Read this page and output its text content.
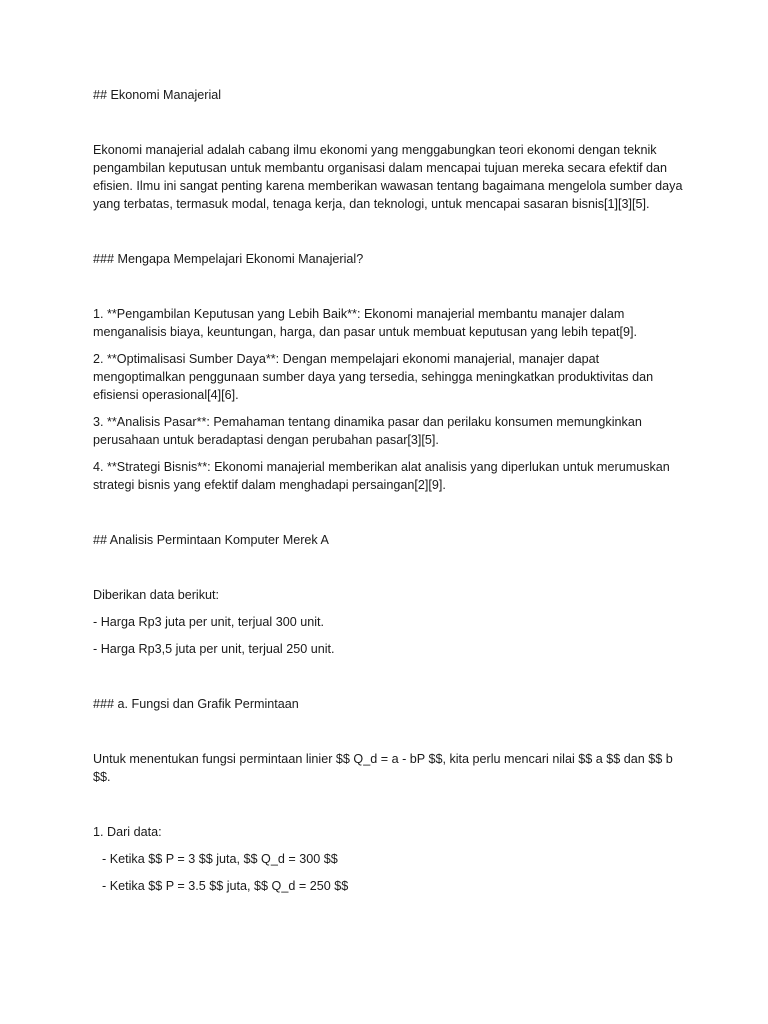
## Ekonomi Manajerial

Ekonomi manajerial adalah cabang ilmu ekonomi yang menggabungkan teori ekonomi dengan teknik pengambilan keputusan untuk membantu organisasi dalam mencapai tujuan mereka secara efektif dan efisien. Ilmu ini sangat penting karena memberikan wawasan tentang bagaimana mengelola sumber daya yang terbatas, termasuk modal, tenaga kerja, dan teknologi, untuk mencapai sasaran bisnis[1][3][5].

### Mengapa Mempelajari Ekonomi Manajerial?

1. **Pengambilan Keputusan yang Lebih Baik**: Ekonomi manajerial membantu manajer dalam menganalisis biaya, keuntungan, harga, dan pasar untuk membuat keputusan yang lebih tepat[9].

2. **Optimalisasi Sumber Daya**: Dengan mempelajari ekonomi manajerial, manajer dapat mengoptimalkan penggunaan sumber daya yang tersedia, sehingga meningkatkan produktivitas dan efisiensi operasional[4][6].

3. **Analisis Pasar**: Pemahaman tentang dinamika pasar dan perilaku konsumen memungkinkan perusahaan untuk beradaptasi dengan perubahan pasar[3][5].

4. **Strategi Bisnis**: Ekonomi manajerial memberikan alat analisis yang diperlukan untuk merumuskan strategi bisnis yang efektif dalam menghadapi persaingan[2][9].

## Analisis Permintaan Komputer Merek A

Diberikan data berikut:

- Harga Rp3 juta per unit, terjual 300 unit.

- Harga Rp3,5 juta per unit, terjual 250 unit.

### a. Fungsi dan Grafik Permintaan

Untuk menentukan fungsi permintaan linier $$ Q_d = a - bP $$, kita perlu mencari nilai $$ a $$ dan $$ b $$.

1. Dari data:

- Ketika $$ P = 3 $$ juta, $$ Q_d = 300 $$

- Ketika $$ P = 3.5 $$ juta, $$ Q_d = 250 $$
